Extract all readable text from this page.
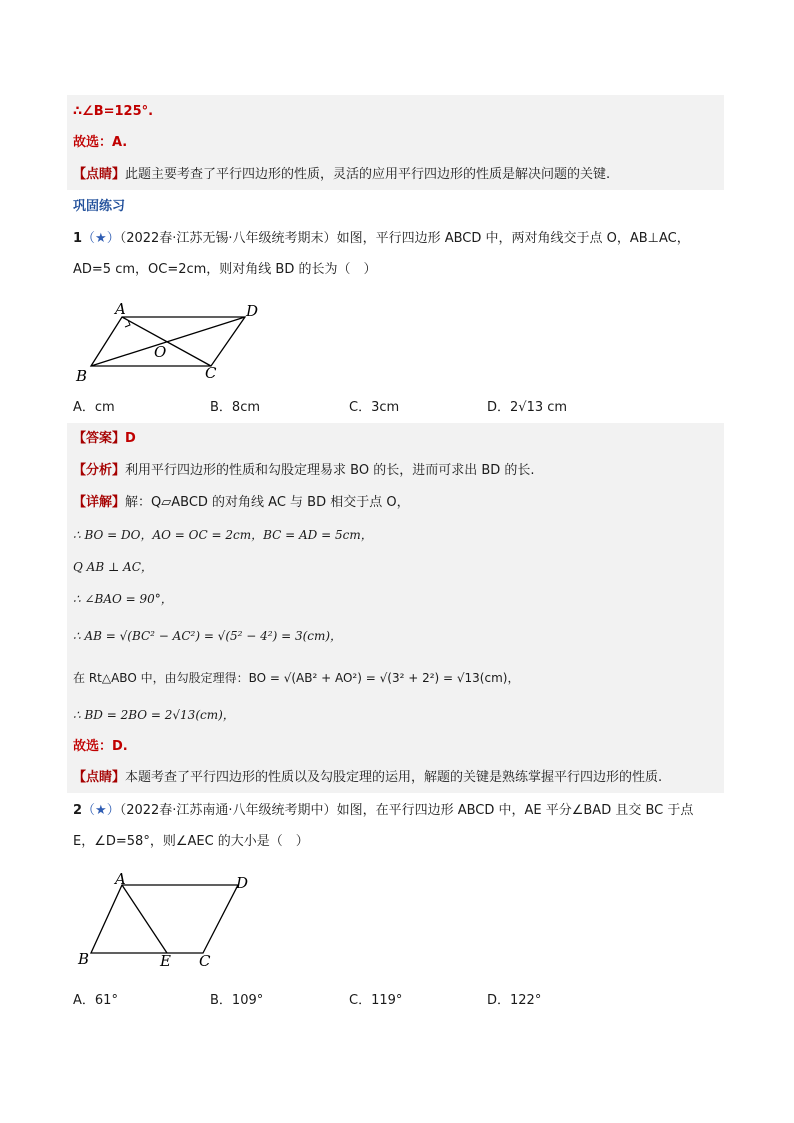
∴∠B=125°.
故选：A.
【点睛】此题主要考查了平行四边形的性质，灵活的应用平行四边形的性质是解决问题的关键.
巩固练习
1（★）（2022春·江苏无锡·八年级统考期末）如图，平行四边形 ABCD 中，两对角线交于点 O，AB⊥AC，
AD=5 cm，OC=2cm，则对角线 BD 的长为（　）
A	D
O
B	C
A．cm	B．8cm	C．3cm	D．2√13 cm
【答案】D
【分析】利用平行四边形的性质和勾股定理易求 BO 的长，进而可求出 BD 的长.
【详解】解：Q▱ABCD 的对角线 AC 与 BD 相交于点 O，
∴ BO = DO，AO = OC = 2cm，BC = AD = 5cm，
Q AB ⊥ AC，
∴ ∠BAO = 90°，
∴ AB = √(BC² − AC²) = √(5² − 4²) = 3(cm)，
在 Rt△ABO 中，由勾股定理得：BO = √(AB² + AO²) = √(3² + 2²) = √13(cm)，
∴ BD = 2BO = 2√13(cm)，
故选：D.
【点睛】本题考查了平行四边形的性质以及勾股定理的运用，解题的关键是熟练掌握平行四边形的性质.
2（★）（2022春·江苏南通·八年级统考期中）如图，在平行四边形 ABCD 中，AE 平分∠BAD 且交 BC 于点
E，∠D=58°，则∠AEC 的大小是（　）
A	D
B	E C
A．61°	B．109°	C．119°	D．122°
